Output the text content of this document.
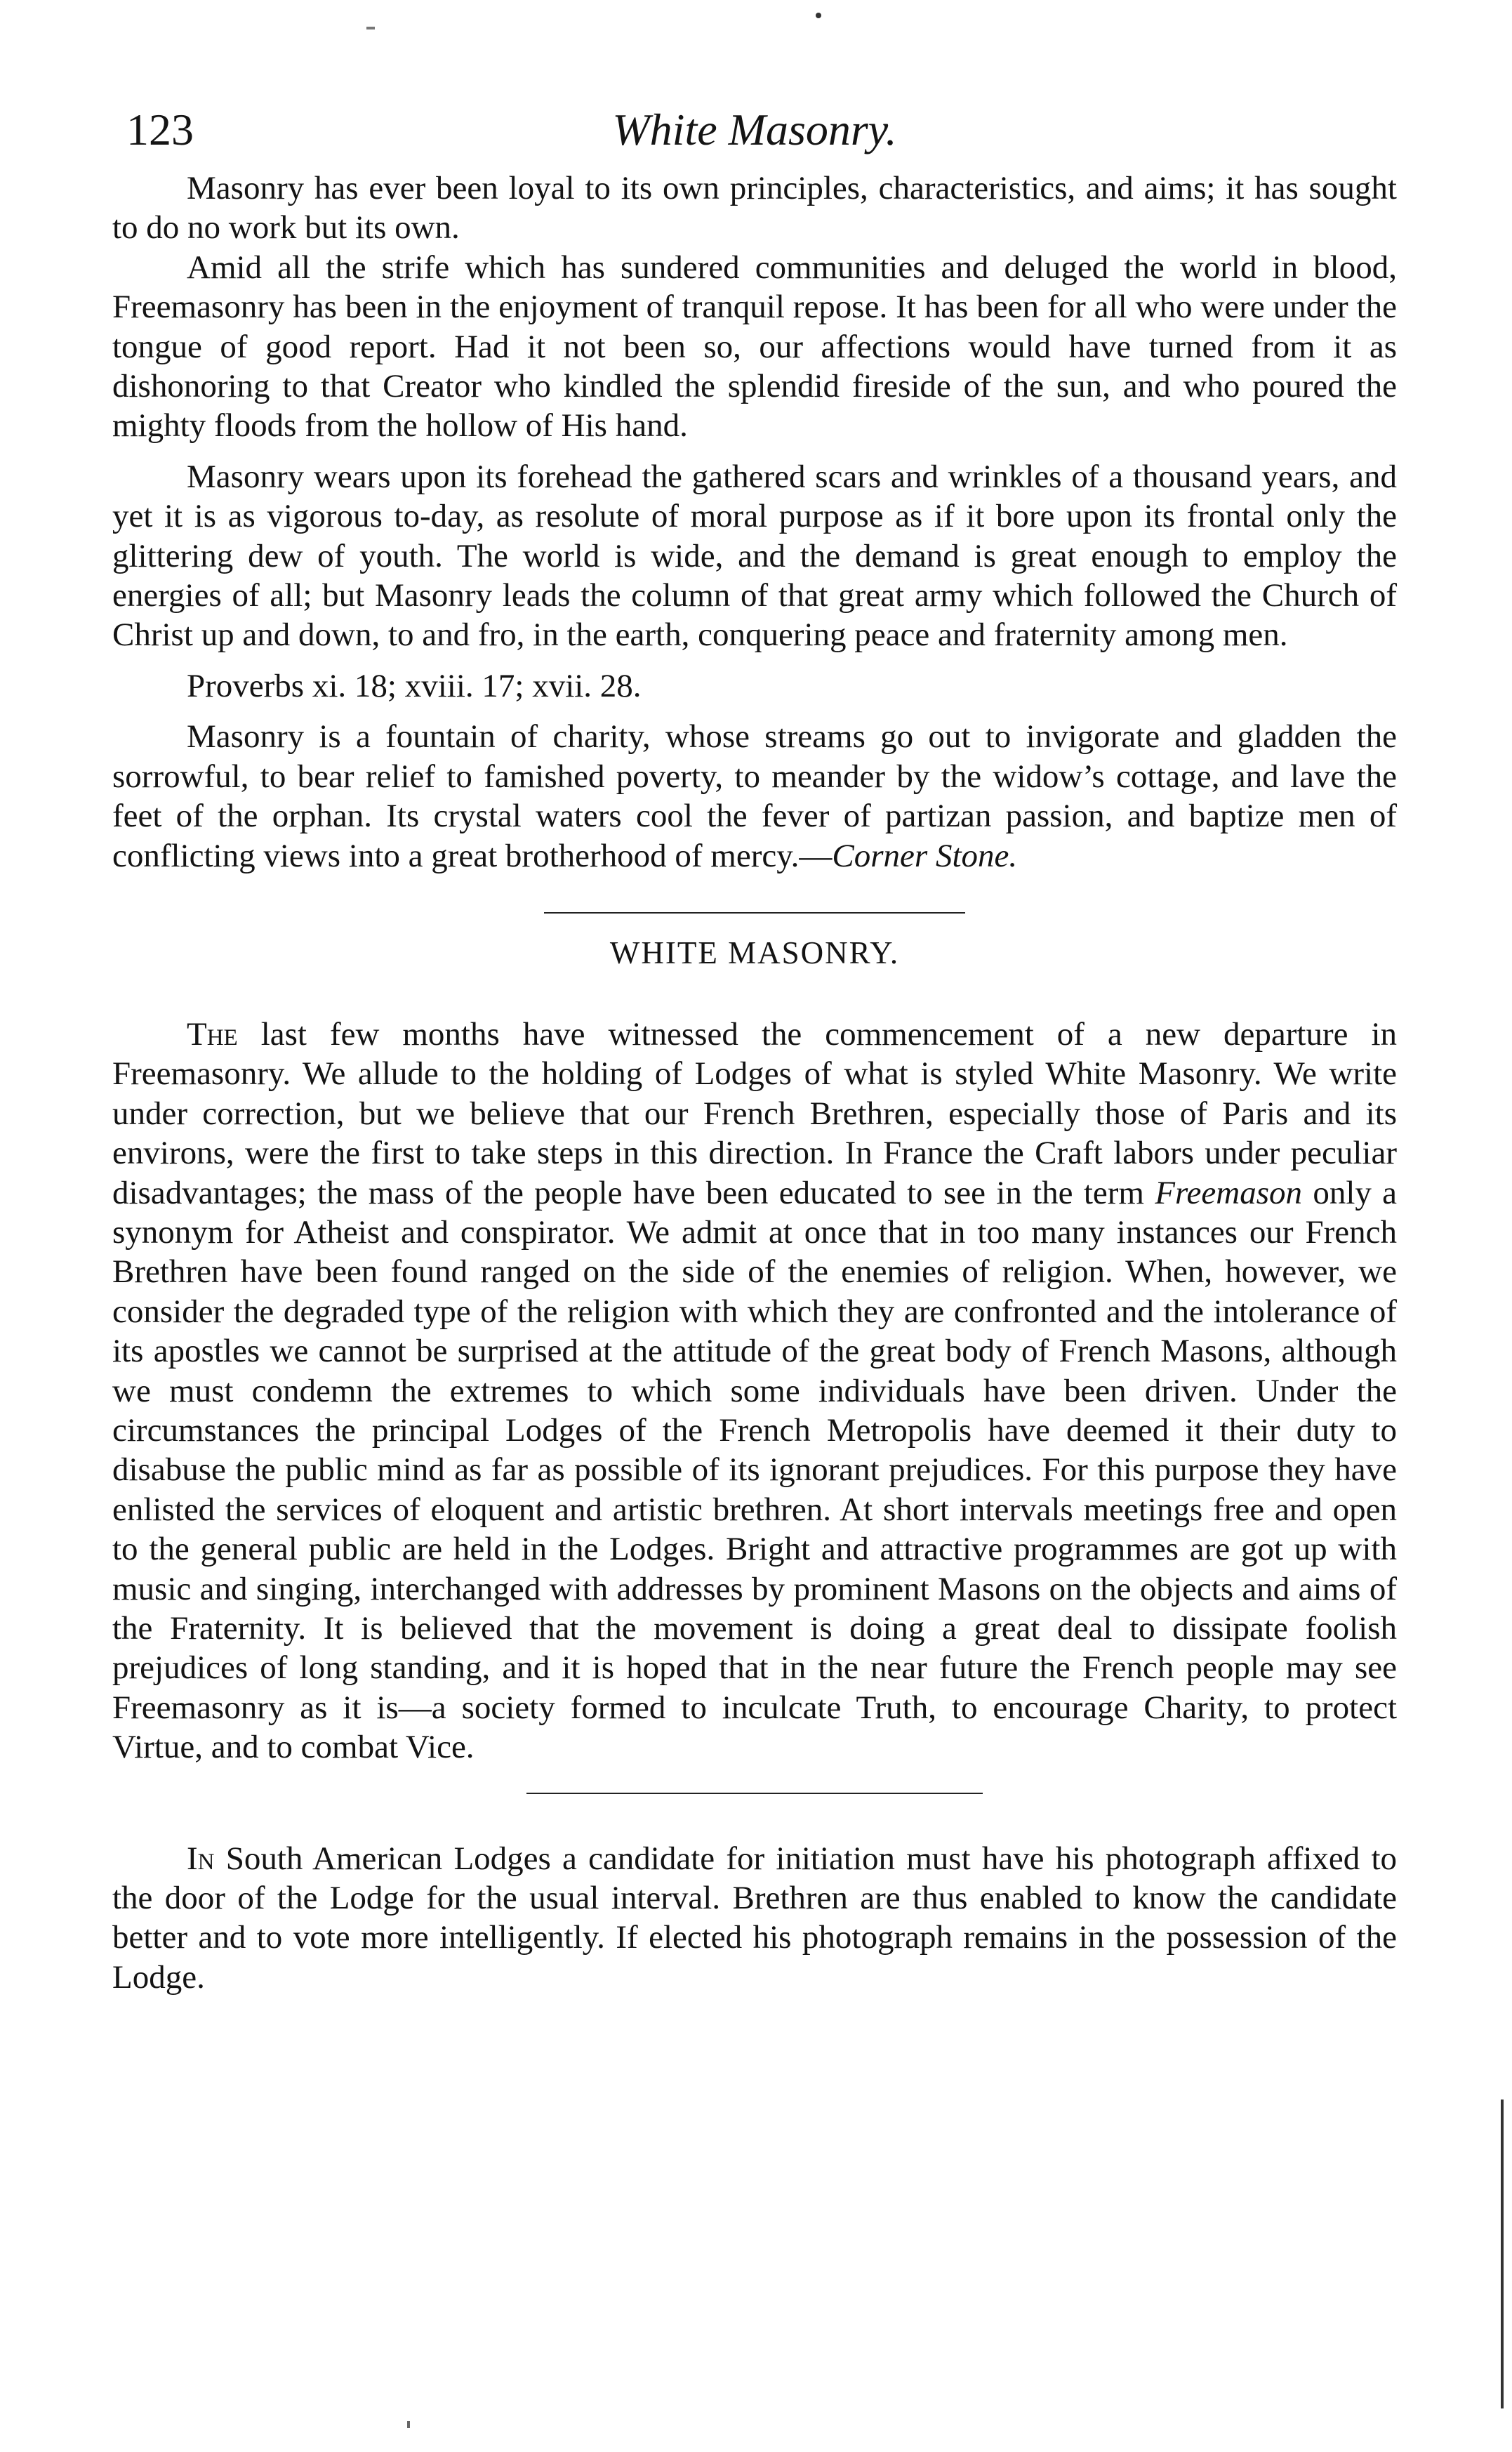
123	White Masonry.

Masonry has ever been loyal to its own principles, characteristics, and aims; it has sought to do no work but its own.

Amid all the strife which has sundered communities and deluged the world in blood, Freemasonry has been in the enjoyment of tranquil repose. It has been for all who were under the tongue of good report. Had it not been so, our affections would have turned from it as dishonoring to that Creator who kindled the splendid fireside of the sun, and who poured the mighty floods from the hollow of His hand.

Masonry wears upon its forehead the gathered scars and wrinkles of a thousand years, and yet it is as vigorous to-day, as resolute of moral purpose as if it bore upon its frontal only the glittering dew of youth. The world is wide, and the demand is great enough to employ the energies of all; but Masonry leads the column of that great army which followed the Church of Christ up and down, to and fro, in the earth, conquering peace and fraternity among men.

Proverbs xi. 18; xviii. 17; xvii. 28.

Masonry is a fountain of charity, whose streams go out to invigorate and gladden the sorrowful, to bear relief to famished poverty, to meander by the widow’s cottage, and lave the feet of the orphan. Its crystal waters cool the fever of partizan passion, and baptize men of conflicting views into a great brotherhood of mercy.—Corner Stone.

WHITE MASONRY.

The last few months have witnessed the commencement of a new departure in Freemasonry. We allude to the holding of Lodges of what is styled White Masonry. We write under correction, but we believe that our French Brethren, especially those of Paris and its environs, were the first to take steps in this direction. In France the Craft labors under peculiar disadvantages; the mass of the people have been educated to see in the term Freemason only a synonym for Atheist and conspirator. We admit at once that in too many instances our French Brethren have been found ranged on the side of the enemies of religion. When, however, we consider the degraded type of the religion with which they are confronted and the intolerance of its apostles we cannot be surprised at the attitude of the great body of French Masons, although we must condemn the extremes to which some individuals have been driven. Under the circumstances the principal Lodges of the French Metropolis have deemed it their duty to disabuse the public mind as far as possible of its ignorant prejudices. For this purpose they have enlisted the services of eloquent and artistic brethren. At short intervals meetings free and open to the general public are held in the Lodges. Bright and attractive programmes are got up with music and singing, interchanged with addresses by prominent Masons on the objects and aims of the Fraternity. It is believed that the movement is doing a great deal to dissipate foolish prejudices of long standing, and it is hoped that in the near future the French people may see Freemasonry as it is—a society formed to inculcate Truth, to encourage Charity, to protect Virtue, and to combat Vice.

In South American Lodges a candidate for initiation must have his photograph affixed to the door of the Lodge for the usual interval. Brethren are thus enabled to know the candidate better and to vote more intelligently. If elected his photograph remains in the possession of the Lodge.
